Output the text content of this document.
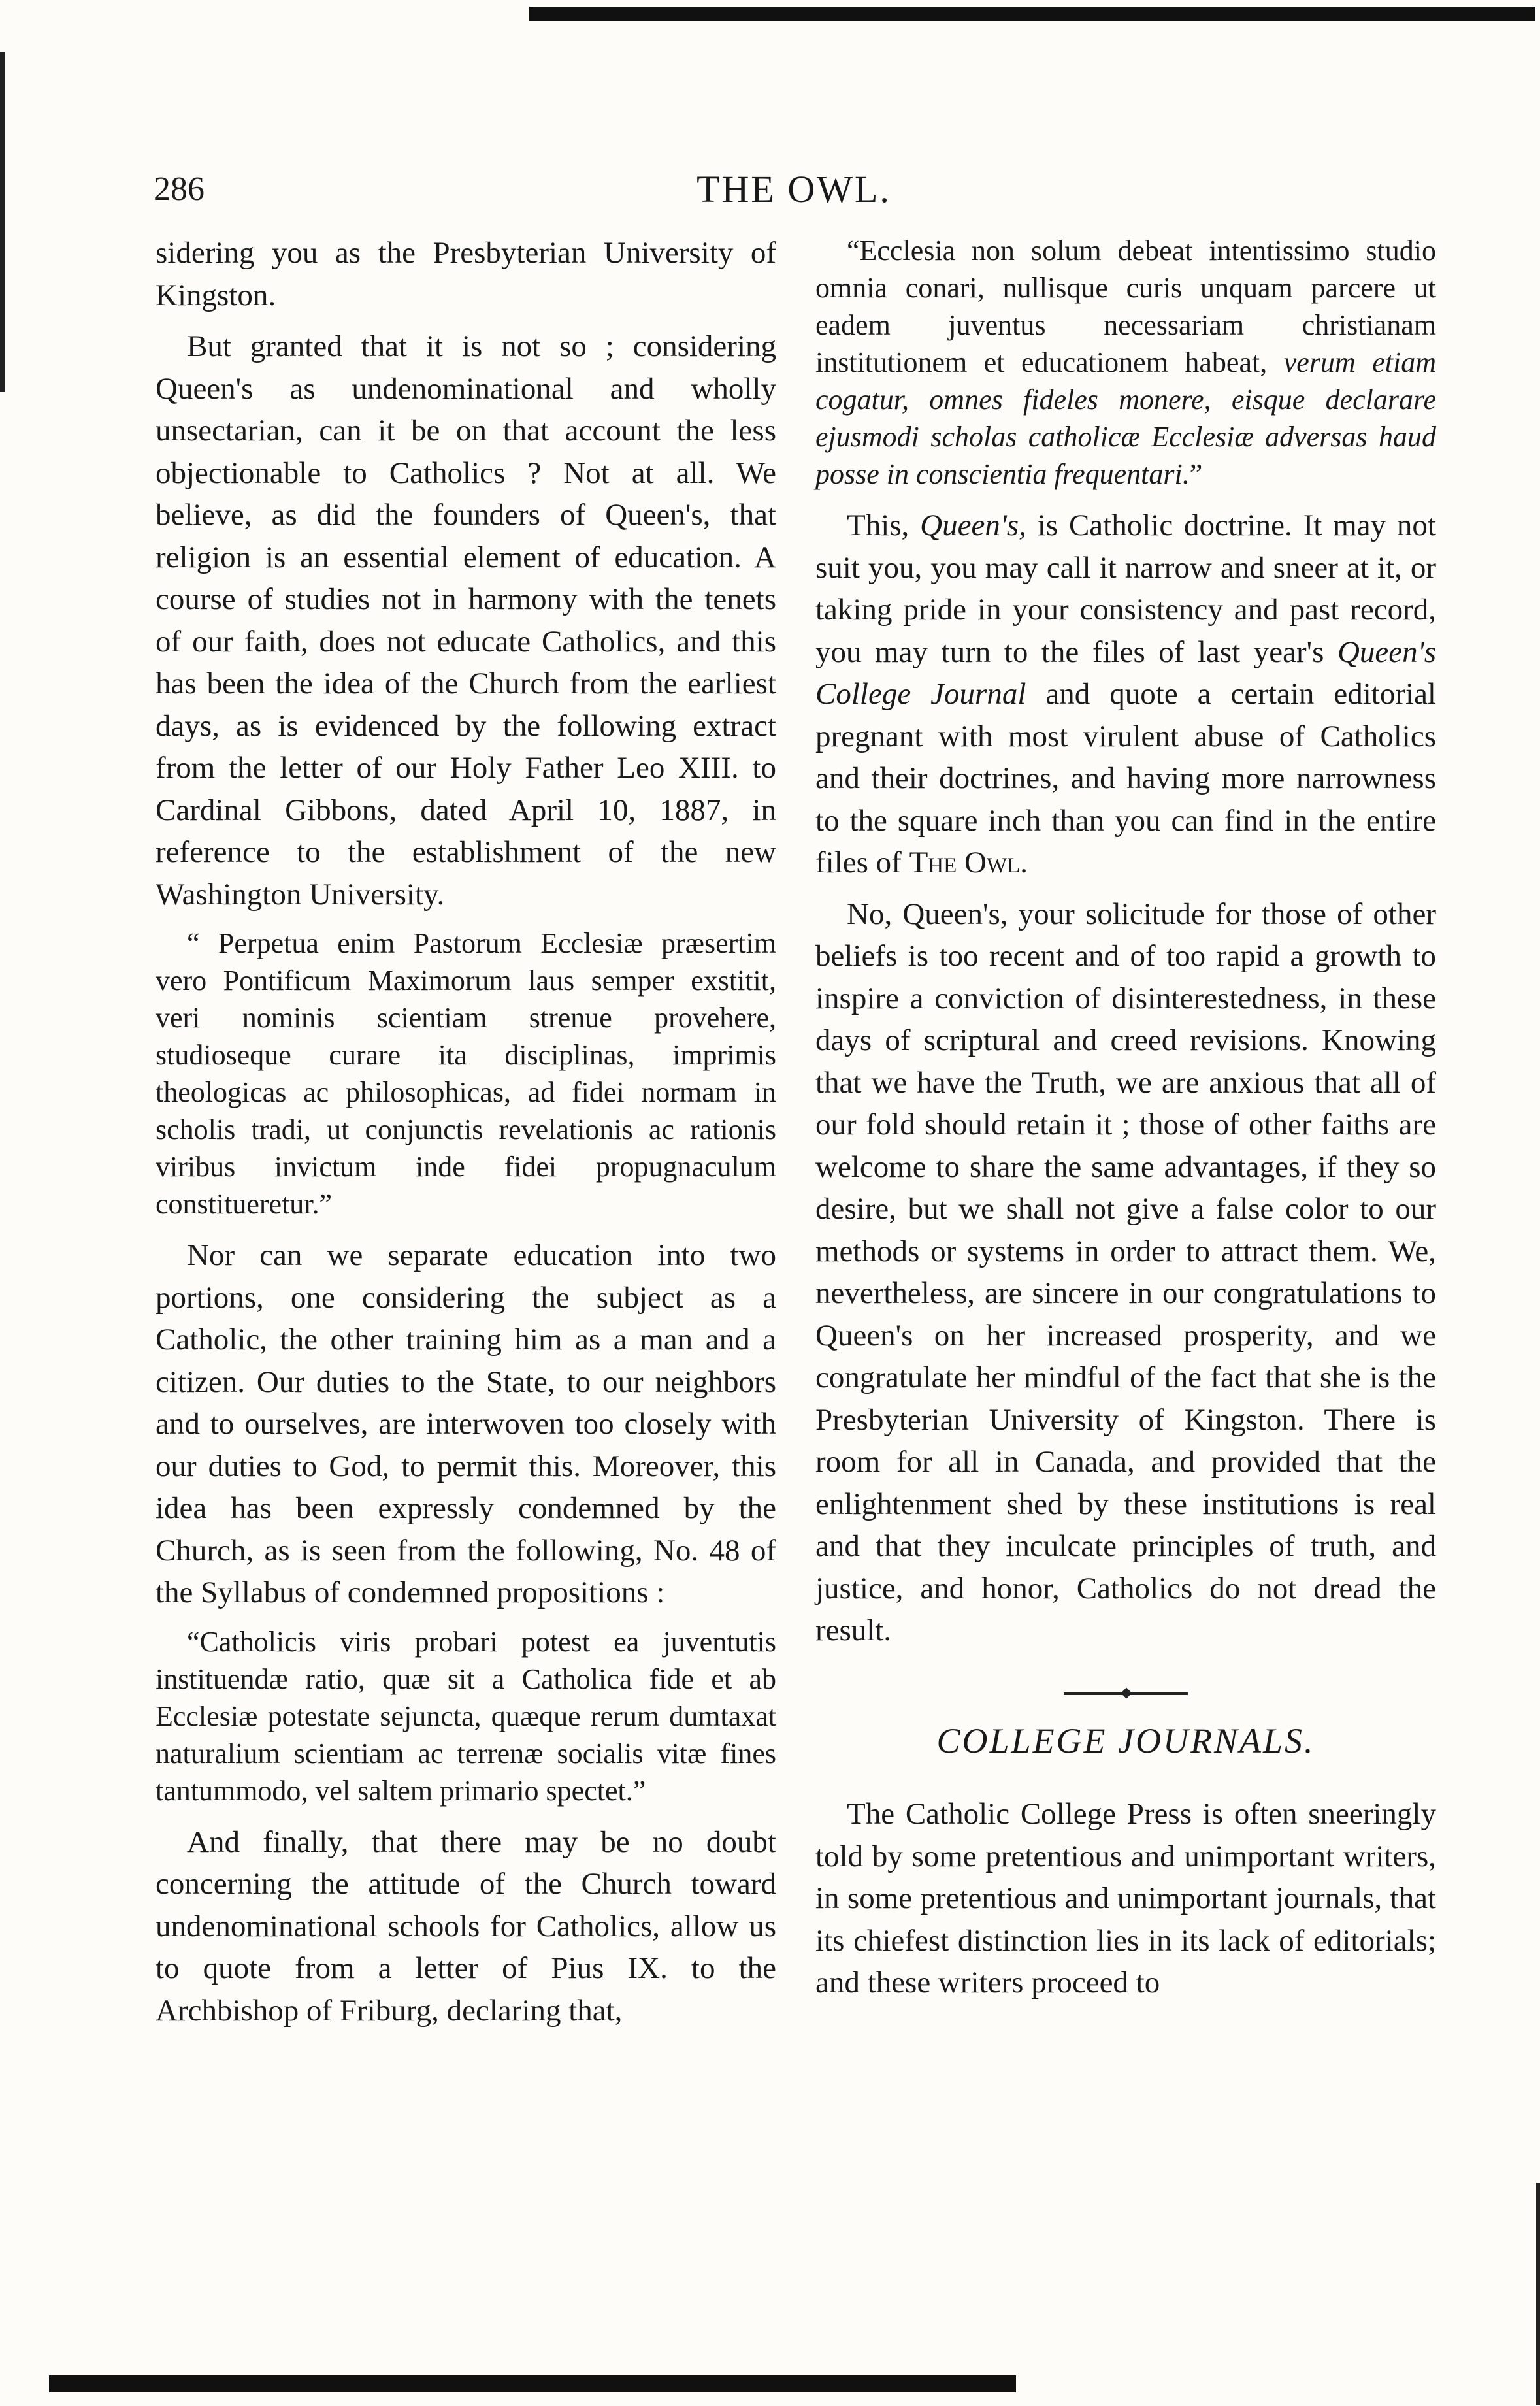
286	THE OWL.

sidering you as the Presbyterian University of Kingston.

But granted that it is not so ; considering Queen's as undenominational and wholly unsectarian, can it be on that account the less objectionable to Catholics ? Not at all. We believe, as did the founders of Queen's, that religion is an essential element of education. A course of studies not in harmony with the tenets of our faith, does not educate Catholics, and this has been the idea of the Church from the earliest days, as is evidenced by the following extract from the letter of our Holy Father Leo XIII. to Cardinal Gibbons, dated April 10, 1887, in reference to the establishment of the new Washington University.

“ Perpetua enim Pastorum Ecclesiæ præsertim vero Pontificum Maximorum laus semper exstitit, veri nominis scientiam strenue provehere, studioseque curare ita disciplinas, imprimis theologicas ac philosophicas, ad fidei normam in scholis tradi, ut conjunctis revelationis ac rationis viribus invictum inde fidei propugnaculum constitueretur.”

Nor can we separate education into two portions, one considering the subject as a Catholic, the other training him as a man and a citizen. Our duties to the State, to our neighbors and to ourselves, are interwoven too closely with our duties to God, to permit this. Moreover, this idea has been expressly condemned by the Church, as is seen from the following, No. 48 of the Syllabus of condemned propositions :

“Catholicis viris probari potest ea juventutis instituendæ ratio, quæ sit a Catholica fide et ab Ecclesiæ potestate sejuncta, quæque rerum dumtaxat naturalium scientiam ac terrenæ socialis vitæ fines tantummodo, vel saltem primario spectet.”

And finally, that there may be no doubt concerning the attitude of the Church toward undenominational schools for Catholics, allow us to quote from a letter of Pius IX. to the Archbishop of Friburg, declaring that,

“Ecclesia non solum debeat intentissimo studio omnia conari, nullisque curis unquam parcere ut eadem juventus necessariam christianam institutionem et educationem habeat, verum etiam cogatur, omnes fideles monere, eisque declarare ejusmodi scholas catholicæ Ecclesiæ adversas haud posse in conscientia frequentari.”

This, Queen's, is Catholic doctrine. It may not suit you, you may call it narrow and sneer at it, or taking pride in your consistency and past record, you may turn to the files of last year's Queen's College Journal and quote a certain editorial pregnant with most virulent abuse of Catholics and their doctrines, and having more narrowness to the square inch than you can find in the entire files of The Owl.

No, Queen's, your solicitude for those of other beliefs is too recent and of too rapid a growth to inspire a conviction of disinterestedness, in these days of scriptural and creed revisions. Knowing that we have the Truth, we are anxious that all of our fold should retain it ; those of other faiths are welcome to share the same advantages, if they so desire, but we shall not give a false color to our methods or systems in order to attract them. We, nevertheless, are sincere in our congratulations to Queen's on her increased prosperity, and we congratulate her mindful of the fact that she is the Presbyterian University of Kingston. There is room for all in Canada, and provided that the enlightenment shed by these institutions is real and that they inculcate principles of truth, and justice, and honor, Catholics do not dread the result.

COLLEGE JOURNALS.

The Catholic College Press is often sneeringly told by some pretentious and unimportant writers, in some pretentious and unimportant journals, that its chiefest distinction lies in its lack of editorials; and these writers proceed to
